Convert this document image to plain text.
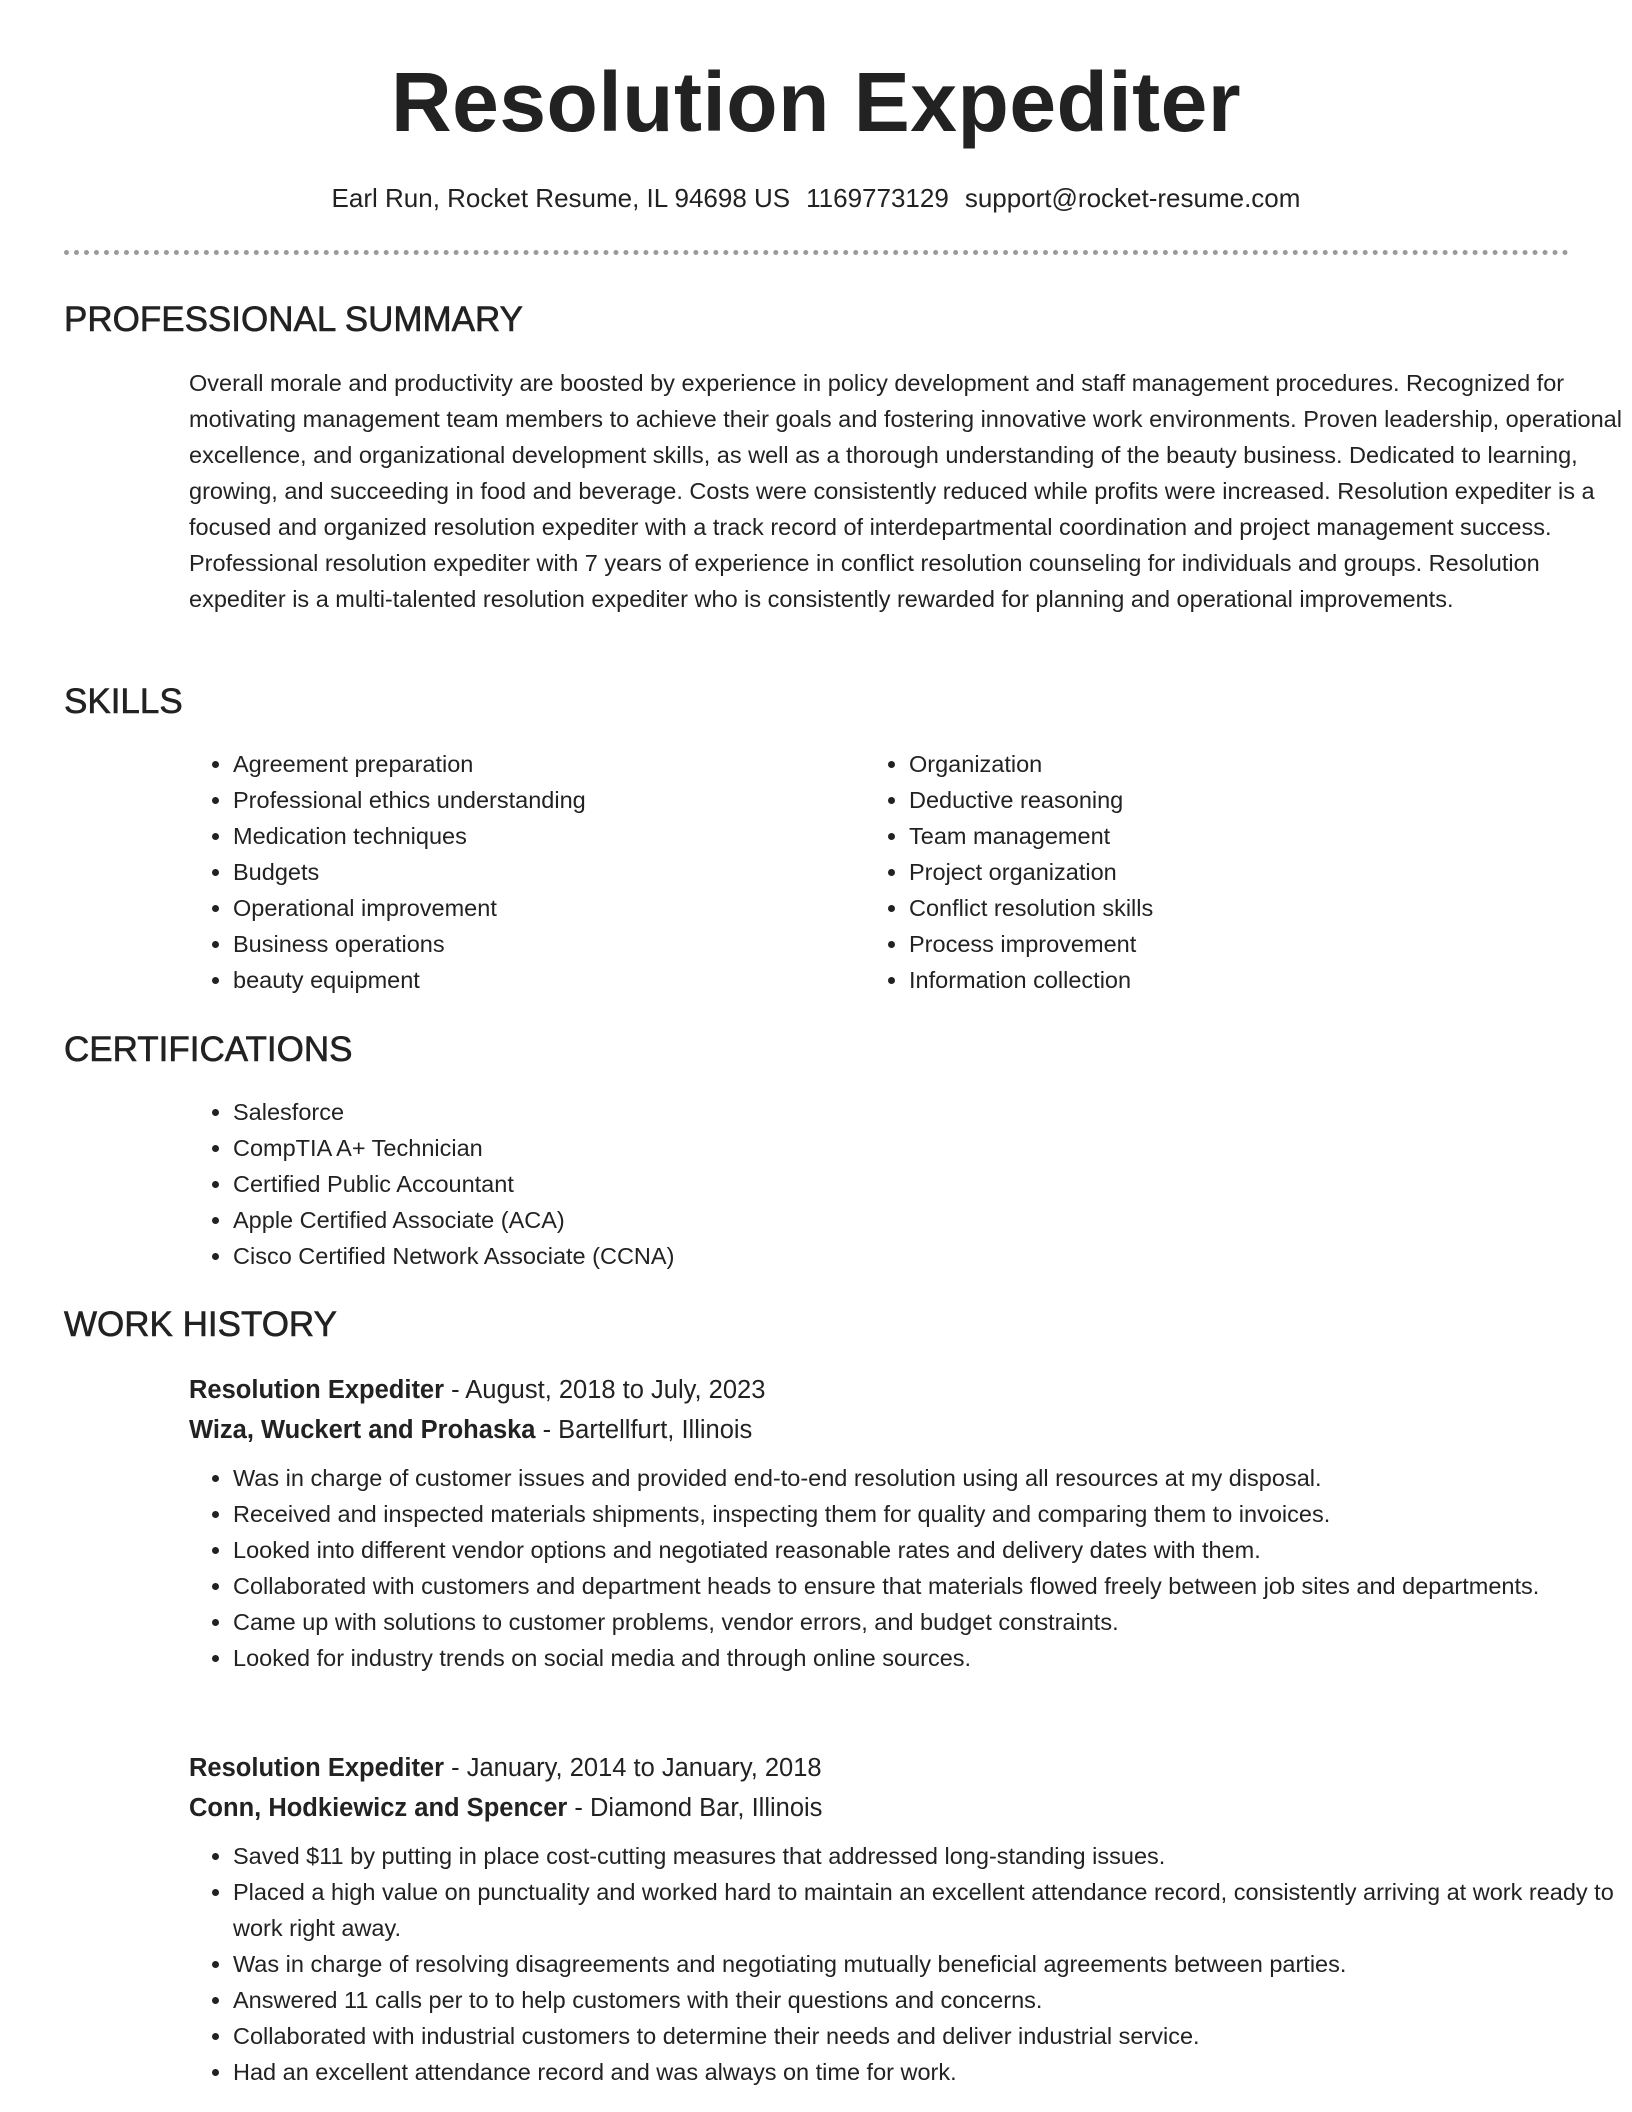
Resolution Expediter
Earl Run, Rocket Resume, IL 94698 US 1169773129 support@rocket-resume.com
PROFESSIONAL SUMMARY
Overall morale and productivity are boosted by experience in policy development and staff management procedures. Recognized for motivating management team members to achieve their goals and fostering innovative work environments. Proven leadership, operational excellence, and organizational development skills, as well as a thorough understanding of the beauty business. Dedicated to learning, growing, and succeeding in food and beverage. Costs were consistently reduced while profits were increased. Resolution expediter is a focused and organized resolution expediter with a track record of interdepartmental coordination and project management success. Professional resolution expediter with 7 years of experience in conflict resolution counseling for individuals and groups. Resolution expediter is a multi-talented resolution expediter who is consistently rewarded for planning and operational improvements.
SKILLS
• Agreement preparation
• Professional ethics understanding
• Medication techniques
• Budgets
• Operational improvement
• Business operations
• beauty equipment
• Organization
• Deductive reasoning
• Team management
• Project organization
• Conflict resolution skills
• Process improvement
• Information collection
CERTIFICATIONS
• Salesforce
• CompTIA A+ Technician
• Certified Public Accountant
• Apple Certified Associate (ACA)
• Cisco Certified Network Associate (CCNA)
WORK HISTORY
Resolution Expediter - August, 2018 to July, 2023
Wiza, Wuckert and Prohaska - Bartellfurt, Illinois
• Was in charge of customer issues and provided end-to-end resolution using all resources at my disposal.
• Received and inspected materials shipments, inspecting them for quality and comparing them to invoices.
• Looked into different vendor options and negotiated reasonable rates and delivery dates with them.
• Collaborated with customers and department heads to ensure that materials flowed freely between job sites and departments.
• Came up with solutions to customer problems, vendor errors, and budget constraints.
• Looked for industry trends on social media and through online sources.
Resolution Expediter - January, 2014 to January, 2018
Conn, Hodkiewicz and Spencer - Diamond Bar, Illinois
• Saved $11 by putting in place cost-cutting measures that addressed long-standing issues.
• Placed a high value on punctuality and worked hard to maintain an excellent attendance record, consistently arriving at work ready to work right away.
• Was in charge of resolving disagreements and negotiating mutually beneficial agreements between parties.
• Answered 11 calls per to to help customers with their questions and concerns.
• Collaborated with industrial customers to determine their needs and deliver industrial service.
• Had an excellent attendance record and was always on time for work.
